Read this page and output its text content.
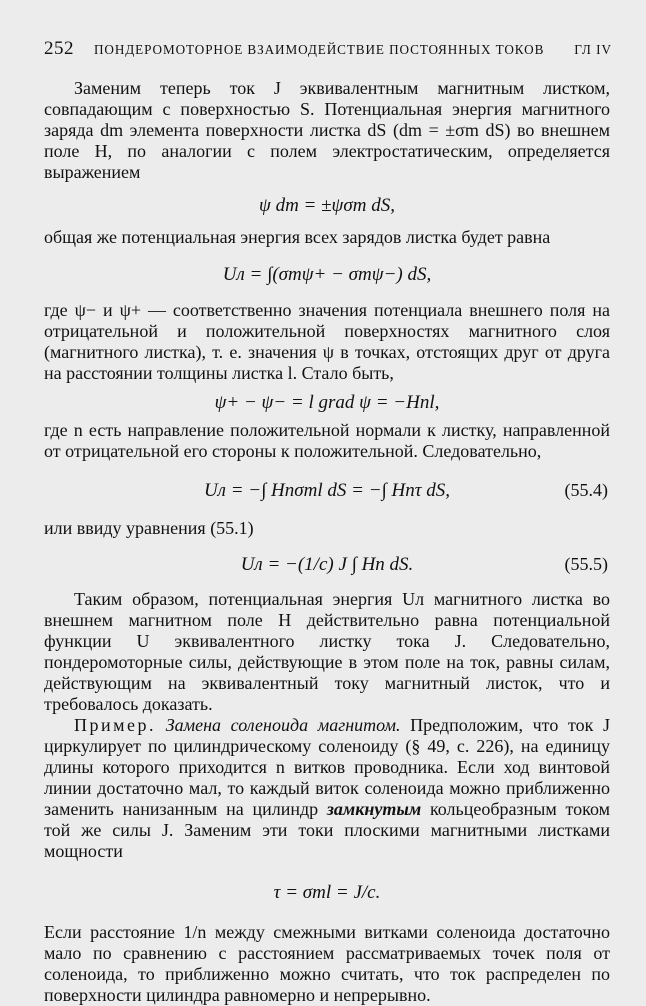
252 ПОНДЕРОМОТОРНОЕ ВЗАИМОДЕЙСТВИЕ ПОСТОЯННЫХ ТОКОВ ГЛ IV

Заменим теперь ток J эквивалентным магнитным листком, совпадающим с поверхностью S. Потенциальная энергия магнитного заряда dm элемента поверхности листка dS (dm = ±σm dS) во внешнем поле H, по аналогии с полем электростатическим, определяется выражением

ψ dm = ±ψσm dS,

общая же потенциальная энергия всех зарядов листка будет равна

Uл = ∫(σmψ+ − σmψ−) dS,

где ψ− и ψ+ — соответственно значения потенциала внешнего поля на отрицательной и положительной поверхностях магнитного слоя (магнитного листка), т. е. значения ψ в точках, отстоящих друг от друга на расстоянии толщины листка l. Стало быть,

ψ+ − ψ− = l grad ψ = −Hnl,

где n есть направление положительной нормали к листку, направленной от отрицательной его стороны к положительной. Следовательно,

Uл = −∫ Hnσml dS = −∫ Hnτ dS,	(55.4)

или ввиду уравнения (55.1)

Uл = −(1/c) J ∫ Hn dS.	(55.5)

Таким образом, потенциальная энергия Uл магнитного листка во внешнем магнитном поле H действительно равна потенциальной функции U эквивалентного листку тока J. Следовательно, пондеромоторные силы, действующие в этом поле на ток, равны силам, действующим на эквивалентный току магнитный листок, что и требовалось доказать.

Пример. Замена соленоида магнитом. Предположим, что ток J циркулирует по цилиндрическому соленоиду (§ 49, с. 226), на единицу длины которого приходится n витков проводника. Если ход винтовой линии достаточно мал, то каждый виток соленоида можно приближенно заменить нанизанным на цилиндр замкнутым кольцеобразным током той же силы J. Заменим эти токи плоскими магнитными листками мощности

τ = σml = J/c.

Если расстояние 1/n между смежными витками соленоида достаточно мало по сравнению с расстоянием рассматриваемых точек поля от соленоида, то приближенно можно считать, что ток распределен по поверхности цилиндра равномерно и непрерывно.
